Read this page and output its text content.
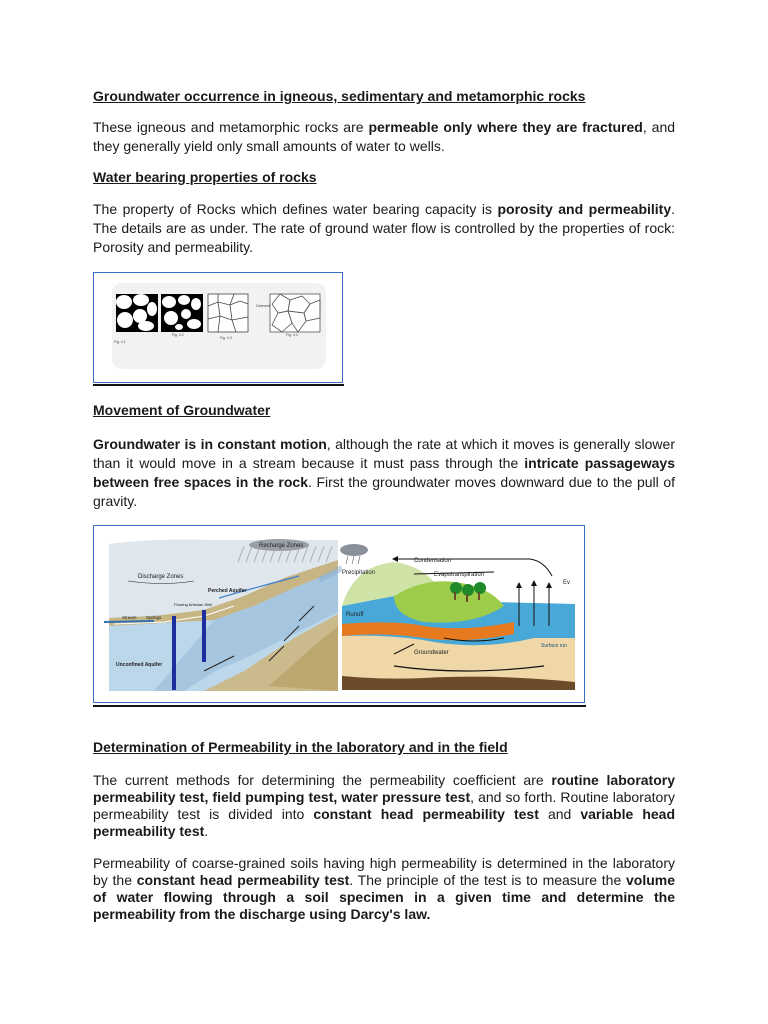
Groundwater occurrence in igneous, sedimentary and metamorphic rocks

These igneous and metamorphic rocks are permeable only where they are fractured, and they generally yield only small amounts of water to wells.

Water bearing properties of rocks

The property of Rocks which defines water bearing capacity is porosity and permeability. The details are as under. The rate of ground water flow is controlled by the properties of rock: Porosity and permeability.

Cement
Fig. 4.1
Fig. 4.2
Fig. 4.3
Fig. 4.4

Movement of Groundwater

Groundwater is in constant motion, although the rate at which it moves is generally slower than it would move in a stream because it must pass through the intricate passageways between free spaces in the rock. First the groundwater moves downward due to the pull of gravity.

Recharge Zones
Discharge Zones
Perched Aquifer
Stream Springs
Flowing Artesian Well
Unconfined Aquifer
Condensation
Precipitation	Evapotranspiration
Ev
Runoff
Groundwater
Surface run

Determination of Permeability in the laboratory and in the field

The current methods for determining the permeability coefficient are routine laboratory permeability test, field pumping test, water pressure test, and so forth. Routine laboratory permeability test is divided into constant head permeability test and variable head permeability test.

Permeability of coarse-grained soils having high permeability is determined in the laboratory by the constant head permeability test. The principle of the test is to measure the volume of water flowing through a soil specimen in a given time and determine the permeability from the discharge using Darcy's law.
